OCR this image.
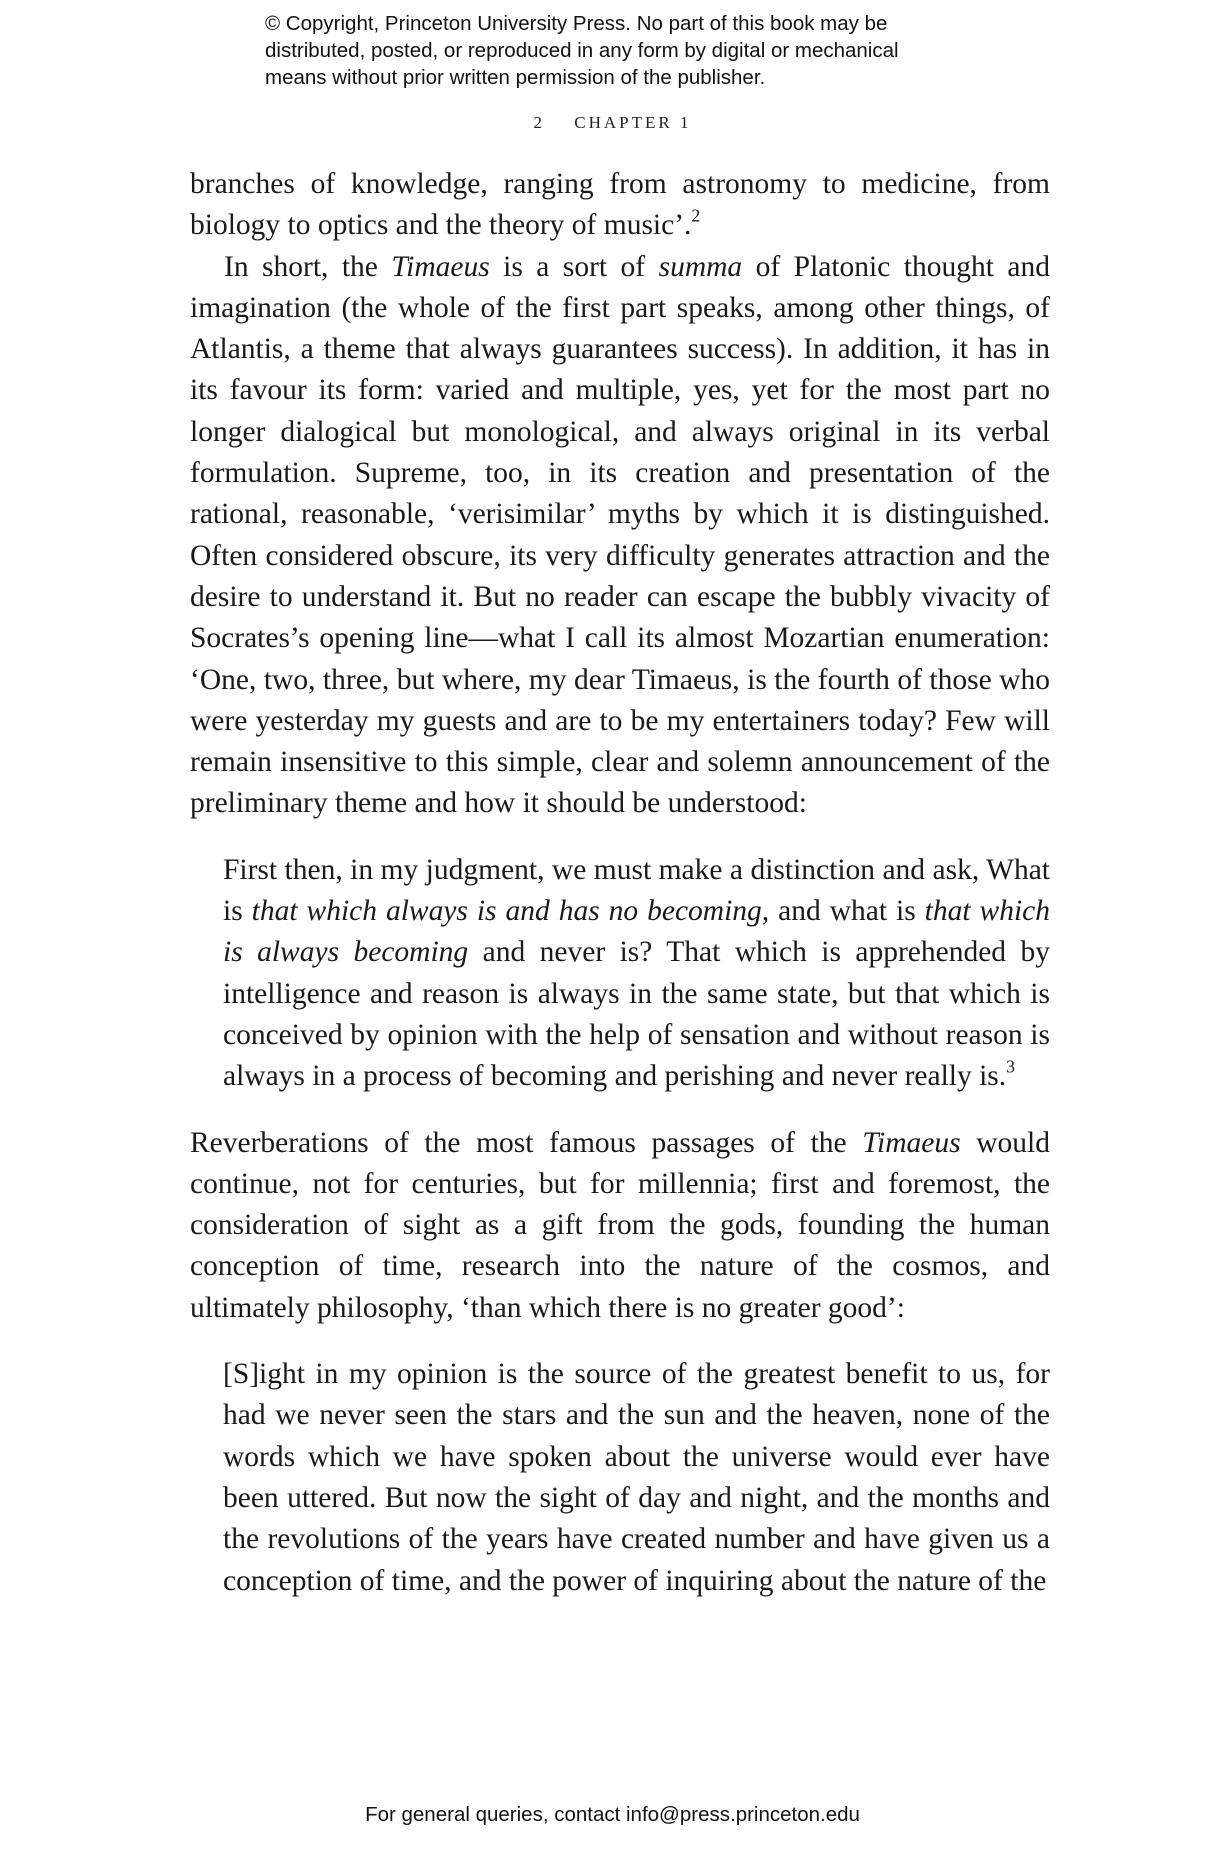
© Copyright, Princeton University Press. No part of this book may be
distributed, posted, or reproduced in any form by digital or mechanical
means without prior written permission of the publisher.
2 CHAPTER 1

branches of knowledge, ranging from astronomy to medicine, from biology to optics and the theory of music’.$^2$

In short, the Timaeus is a sort of summa of Platonic thought and imagination (the whole of the first part speaks, among other things, of Atlantis, a theme that always guarantees success). In addition, it has in its favour its form: varied and multiple, yes, yet for the most part no longer dialogical but monological, and always original in its verbal formulation. Supreme, too, in its creation and presentation of the rational, reasonable, ‘verisimilar’ myths by which it is distinguished. Often considered obscure, its very difficulty generates attraction and the desire to understand it. But no reader can escape the bubbly vivacity of Socrates’s opening line—what I call its almost Mozartian enumeration: ‘One, two, three, but where, my dear Timaeus, is the fourth of those who were yesterday my guests and are to be my entertainers today? Few will remain insensitive to this simple, clear and solemn announcement of the preliminary theme and how it should be understood:

First then, in my judgment, we must make a distinction and ask, What is that which always is and has no becoming, and what is that which is always becoming and never is? That which is apprehended by intelligence and reason is always in the same state, but that which is conceived by opinion with the help of sensation and without reason is always in a process of becoming and perishing and never really is.$^3$

Reverberations of the most famous passages of the Timaeus would continue, not for centuries, but for millennia; first and foremost, the consideration of sight as a gift from the gods, founding the human conception of time, research into the nature of the cosmos, and ultimately philosophy, ‘than which there is no greater good’:

[S]ight in my opinion is the source of the greatest benefit to us, for had we never seen the stars and the sun and the heaven, none of the words which we have spoken about the universe would ever have been uttered. But now the sight of day and night, and the months and the revolutions of the years have created number and have given us a conception of time, and the power of inquiring about the nature of the
For general queries, contact info@press.princeton.edu
